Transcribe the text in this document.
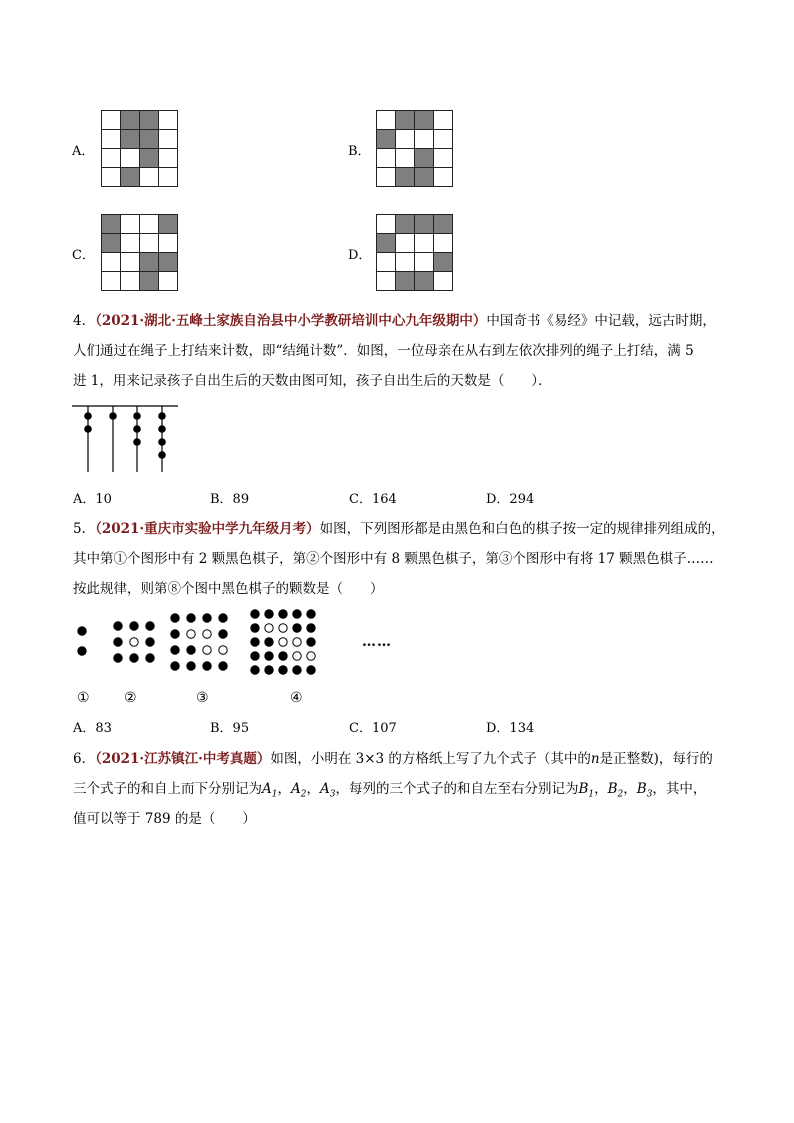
A．	B．
C．	D．
4．（2021·湖北·五峰土家族自治县中小学教研培训中心九年级期中）中国奇书《易经》中记载，远古时期，
人们通过在绳子上打结来计数，即“结绳计数”．如图，一位母亲在从右到左依次排列的绳子上打结，满 5
进 1，用来记录孩子自出生后的天数由图可知，孩子自出生后的天数是（　　）．
A．10	B．89	C．164	D．294
5．（2021·重庆市实验中学九年级月考）如图，下列图形都是由黑色和白色的棋子按一定的规律排列组成的，
其中第①个图形中有 2 颗黑色棋子，第②个图形中有 8 颗黑色棋子，第③个图形中有将 17 颗黑色棋子……
按此规律，则第⑧个图中黑色棋子的颗数是（　　）
……
① ②	③	④
A．83	B．95	C．107	D．134
6．（2021·江苏镇江·中考真题）如图，小明在 3×3 的方格纸上写了九个式子（其中的n是正整数)，每行的
三个式子的和自上而下分别记为$A_1$，$A_2$，$A_3$，每列的三个式子的和自左至右分别记为$B_1$，$B_2$，$B_3$，其中，
值可以等于 789 的是（　　）
